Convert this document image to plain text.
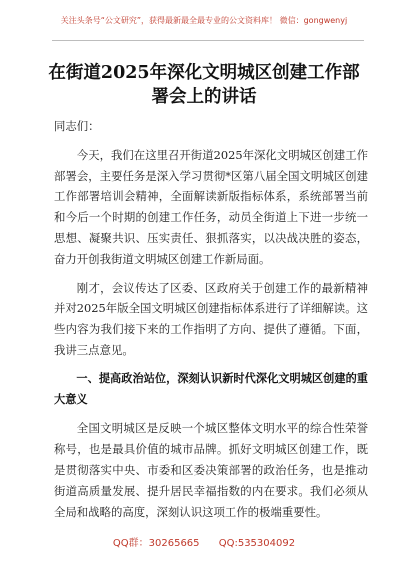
关注头条号“公文研究”，获得最新最全最专业的公文资料库！ 微信：gongwenyj
在街道2025年深化文明城区创建工作部
署会上的讲话

同志们：

今天，我们在这里召开街道2025年深化文明城区创建工作部署会，主要任务是深入学习贯彻*区第八届全国文明城区创建工作部署培训会精神，全面解读新版指标体系，系统部署当前和今后一个时期的创建工作任务，动员全街道上下进一步统一思想、凝聚共识、压实责任、狠抓落实，以决战决胜的姿态，奋力开创我街道文明城区创建工作新局面。

刚才，会议传达了区委、区政府关于创建工作的最新精神并对2025年版全国文明城区创建指标体系进行了详细解读。这些内容为我们接下来的工作指明了方向、提供了遵循。下面，我讲三点意见。

一、提高政治站位，深刻认识新时代深化文明城区创建的重大意义

全国文明城区是反映一个城区整体文明水平的综合性荣誉称号，也是最具价值的城市品牌。抓好文明城区创建工作，既是贯彻落实中央、市委和区委决策部署的政治任务，也是推动街道高质量发展、提升居民幸福指数的内在要求。我们必须从全局和战略的高度，深刻认识这项工作的极端重要性。

QQ群：30265665 QQ:535304092
